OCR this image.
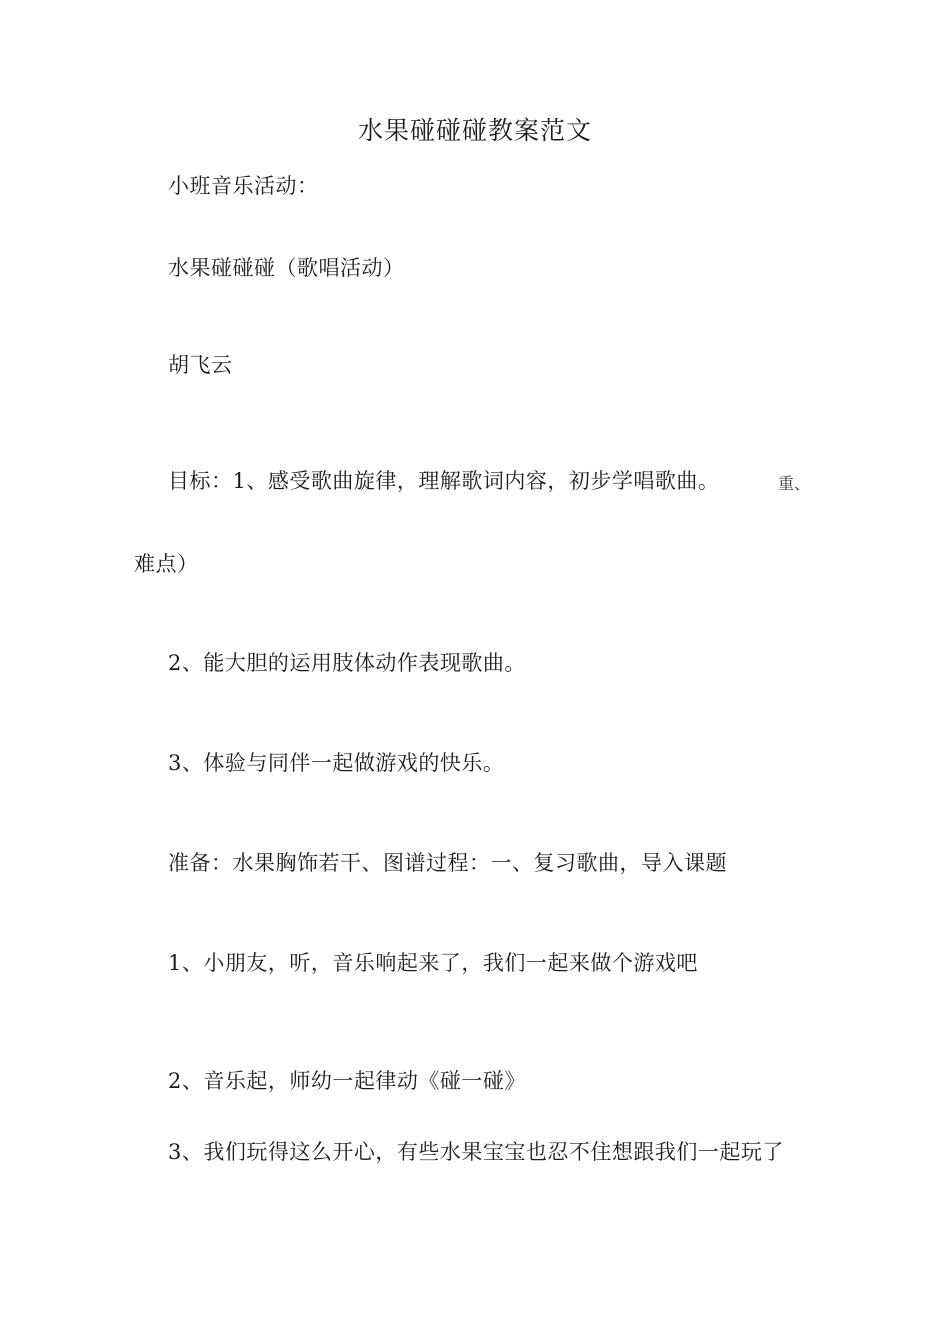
水果碰碰碰教案范文
小班音乐活动：
水果碰碰碰（歌唱活动）
胡飞云
目标：1、感受歌曲旋律，理解歌词内容，初步学唱歌曲。	重、
难点）
2、能大胆的运用肢体动作表现歌曲。
3、体验与同伴一起做游戏的快乐。
准备：水果胸饰若干、图谱过程：一、复习歌曲，导入课题
1、小朋友，听，音乐响起来了，我们一起来做个游戏吧
2、音乐起，师幼一起律动《碰一碰》
3、我们玩得这么开心，有些水果宝宝也忍不住想跟我们一起玩了
